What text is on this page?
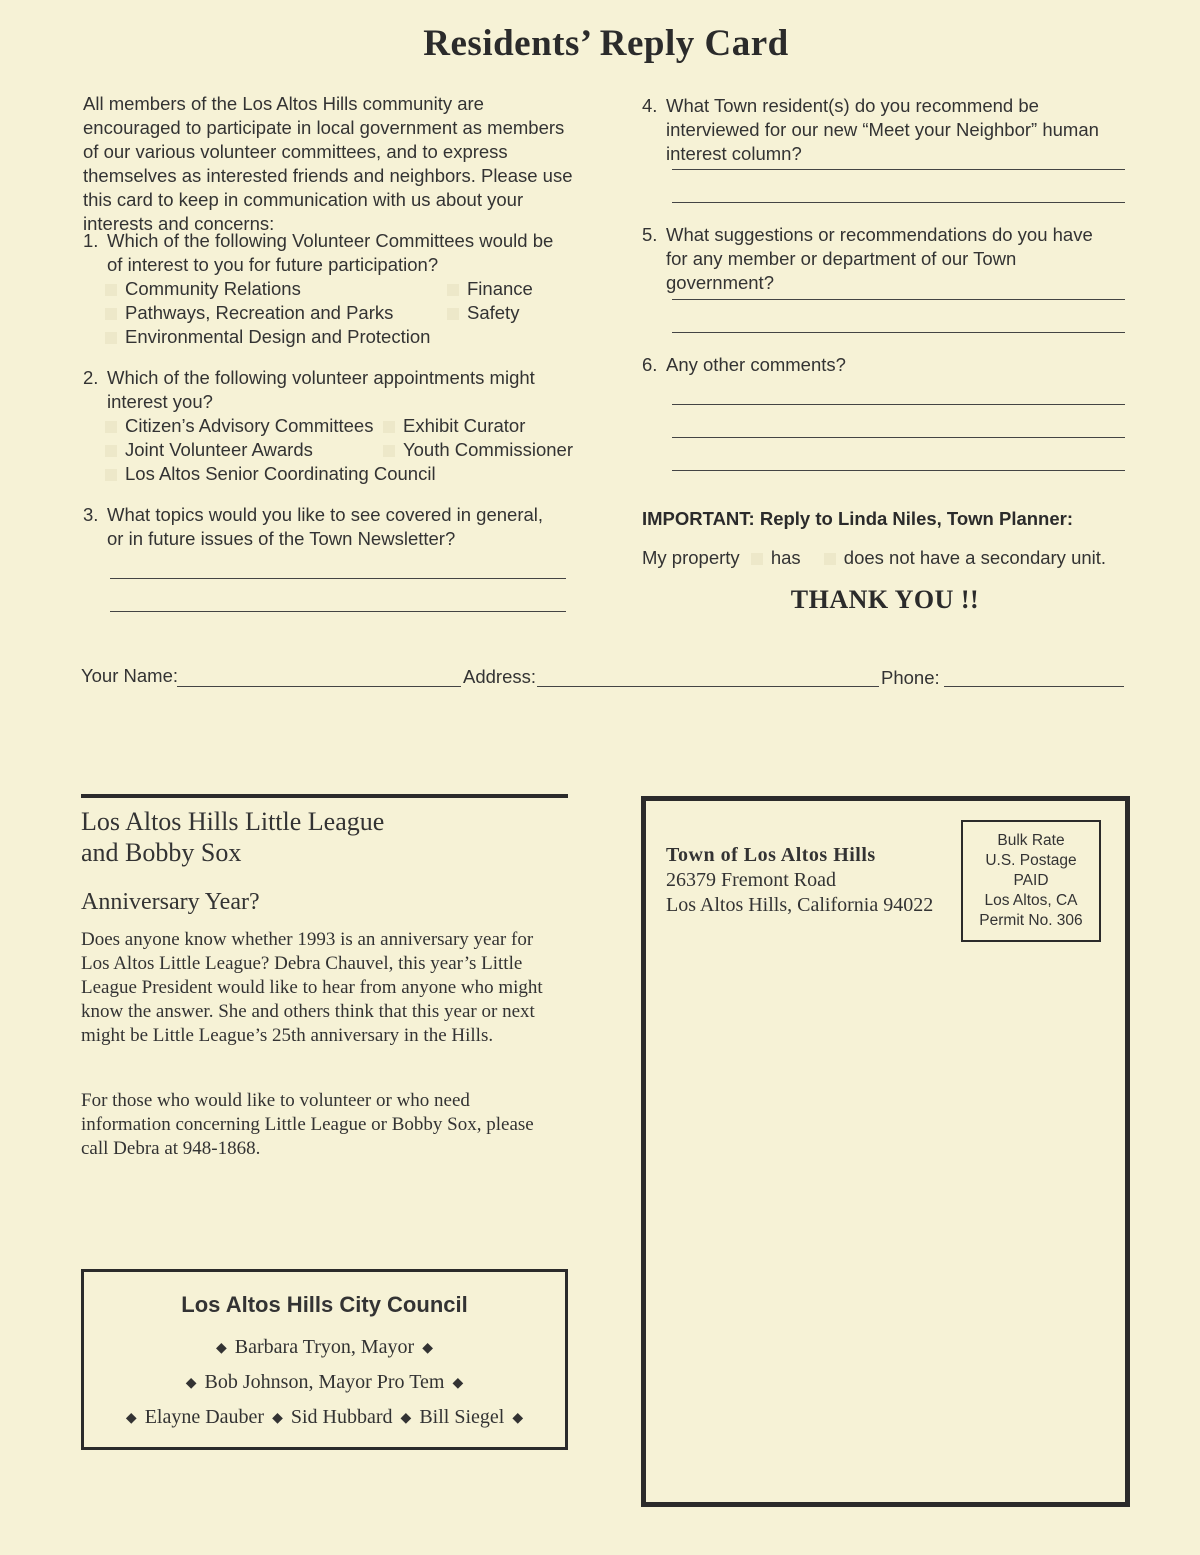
Residents’ Reply Card
All members of the Los Altos Hills community are encouraged to participate in local government as members of our various volunteer committees, and to express themselves as interested friends and neighbors. Please use this card to keep in communication with us about your interests and concerns:
1. Which of the following Volunteer Committees would be of interest to you for future participation?
Community Relations
Pathways, Recreation and Parks
Environmental Design and Protection
Finance
Safety
2. Which of the following volunteer appointments might interest you?
Citizen’s Advisory Committees
Joint Volunteer Awards
Los Altos Senior Coordinating Council
Exhibit Curator
Youth Commissioner
3. What topics would you like to see covered in general, or in future issues of the Town Newsletter?
4. What Town resident(s) do you recommend be interviewed for our new “Meet your Neighbor” human interest column?
5. What suggestions or recommendations do you have for any member or department of our Town government?
6. Any other comments?
IMPORTANT: Reply to Linda Niles, Town Planner:
My property has does not have a secondary unit.
THANK YOU !!
Your Name:	Address:	Phone:
Los Altos Hills Little League
and Bobby Sox
Anniversary Year?
Does anyone know whether 1993 is an anniversary year for Los Altos Little League? Debra Chauvel, this year’s Little League President would like to hear from anyone who might know the answer. She and others think that this year or next might be Little League’s 25th anniversary in the Hills.
For those who would like to volunteer or who need information concerning Little League or Bobby Sox, please call Debra at 948-1868.
Los Altos Hills City Council
◆ Barbara Tryon, Mayor ◆
◆ Bob Johnson, Mayor Pro Tem ◆
◆ Elayne Dauber ◆ Sid Hubbard ◆ Bill Siegel ◆
Town of Los Altos Hills
26379 Fremont Road
Los Altos Hills, California 94022
Bulk Rate
U.S. Postage
PAID
Los Altos, CA
Permit No. 306
